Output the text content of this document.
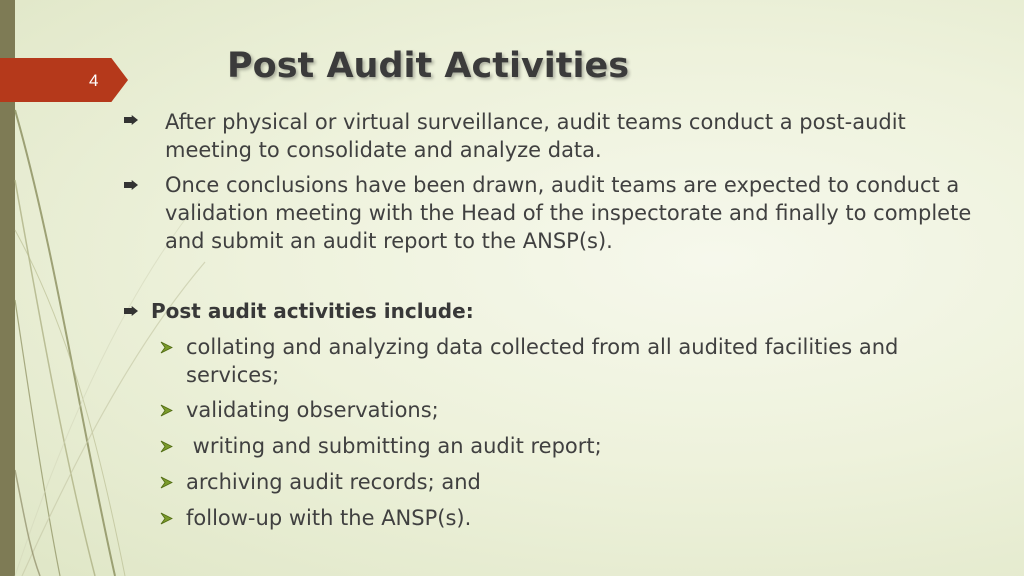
4	Post Audit Activities
After physical or virtual surveillance, audit teams conduct a post-audit meeting to consolidate and analyze data.
Once conclusions have been drawn, audit teams are expected to conduct a validation meeting with the Head of the inspectorate and finally to complete and submit an audit report to the ANSP(s).
Post audit activities include:
collating and analyzing data collected from all audited facilities and services;
validating observations;
writing and submitting an audit report;
archiving audit records; and
follow-up with the ANSP(s).
